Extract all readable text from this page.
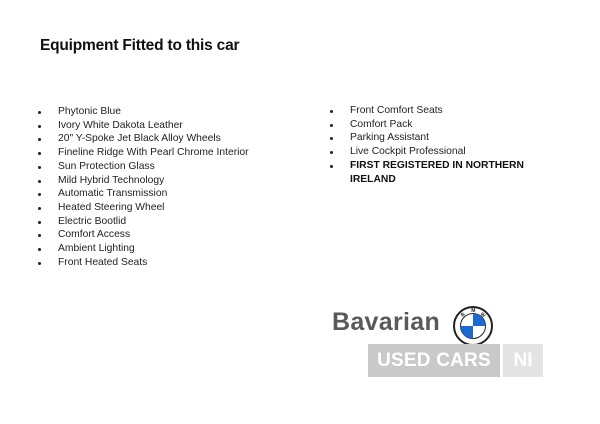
Equipment Fitted to this car
Phytonic Blue
Ivory White Dakota Leather
20" Y-Spoke Jet Black Alloy Wheels
Fineline Ridge With Pearl Chrome Interior
Sun Protection Glass
Mild Hybrid Technology
Automatic Transmission
Heated Steering Wheel
Electric Bootlid
Comfort Access
Ambient Lighting
Front Heated Seats
Front Comfort Seats
Comfort Pack
Parking Assistant
Live Cockpit Professional
FIRST REGISTERED IN NORTHERN IRELAND
Bavarian	B
M
W
USED CARS	NI
